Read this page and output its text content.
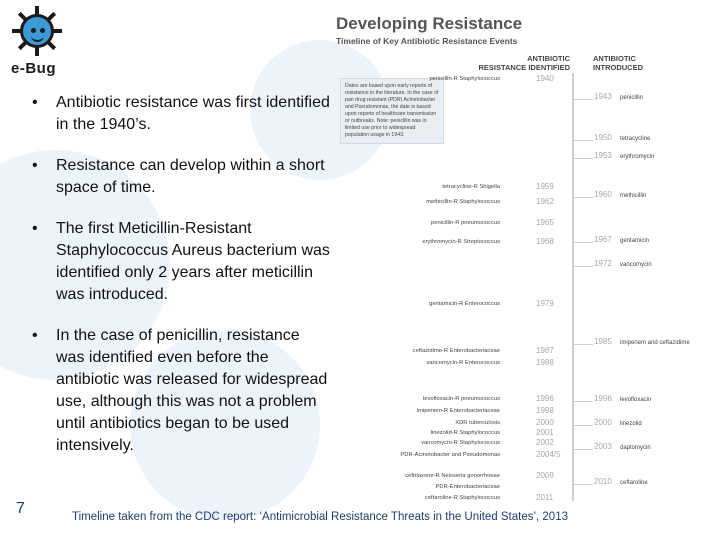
e-Bug
• Antibiotic resistance was first identified in the 1940’s.
• Resistance can develop within a short space of time.
• The first Meticillin-Resistant Staphylococcus Aureus bacterium was identified only 2 years after meticillin was introduced.
• In the case of penicillin, resistance was identified even before the antibiotic was released for widespread use, although this was not a problem until antibiotics began to be used intensively.
Developing Resistance
Timeline of Key Antibiotic Resistance Events
ANTIBIOTIC RESISTANCE IDENTIFIED
ANTIBIOTIC INTRODUCED
Dates are based upon early reports of resistance in the literature. In the case of pan drug resistant (PDR) Acinetobacter and Pseudomonas, the date is based upon reports of healthcare transmission or outbreaks. Note: penicillin was in limited use prior to widespread population usage in 1943.
penicillin-R Staphylococcus	1940
tetracycline-R Shigella	1959
methicillin-R Staphylococcus	1962
penicillin-R pneumococcus	1965
erythromycin-R Streptococcus	1968
gentamicin-R Enterococcus	1979
ceftazidime-R Enterobacteriaceae	1987
vancomycin-R Enterococcus	1988
levofloxacin-R pneumococcus	1996
imipenem-R Enterobacteriaceae	1998
XDR tuberculosis	2000
linezolid-R Staphylococcus	2001
vancomycin-R Staphylococcus	2002
PDR-Acinetobacter and Pseudomonas	2004/5
ceftriaxone-R Neisseria gonorrhoeae	2009
PDR-Enterobacteriaceae
ceftaroline-R Staphylococcus	2011
1943 penicillin
1950 tetracycline
1953 erythromycin
1960 methicillin
1967 gentamicin
1972 vancomycin
1985 imipenem and ceftazidime
1996 levofloxacin
2000 linezolid
2003 daptomycin
2010 ceftaroline
7	Timeline taken from the CDC report: ‘Antimicrobial Resistance Threats in the United States’, 2013
